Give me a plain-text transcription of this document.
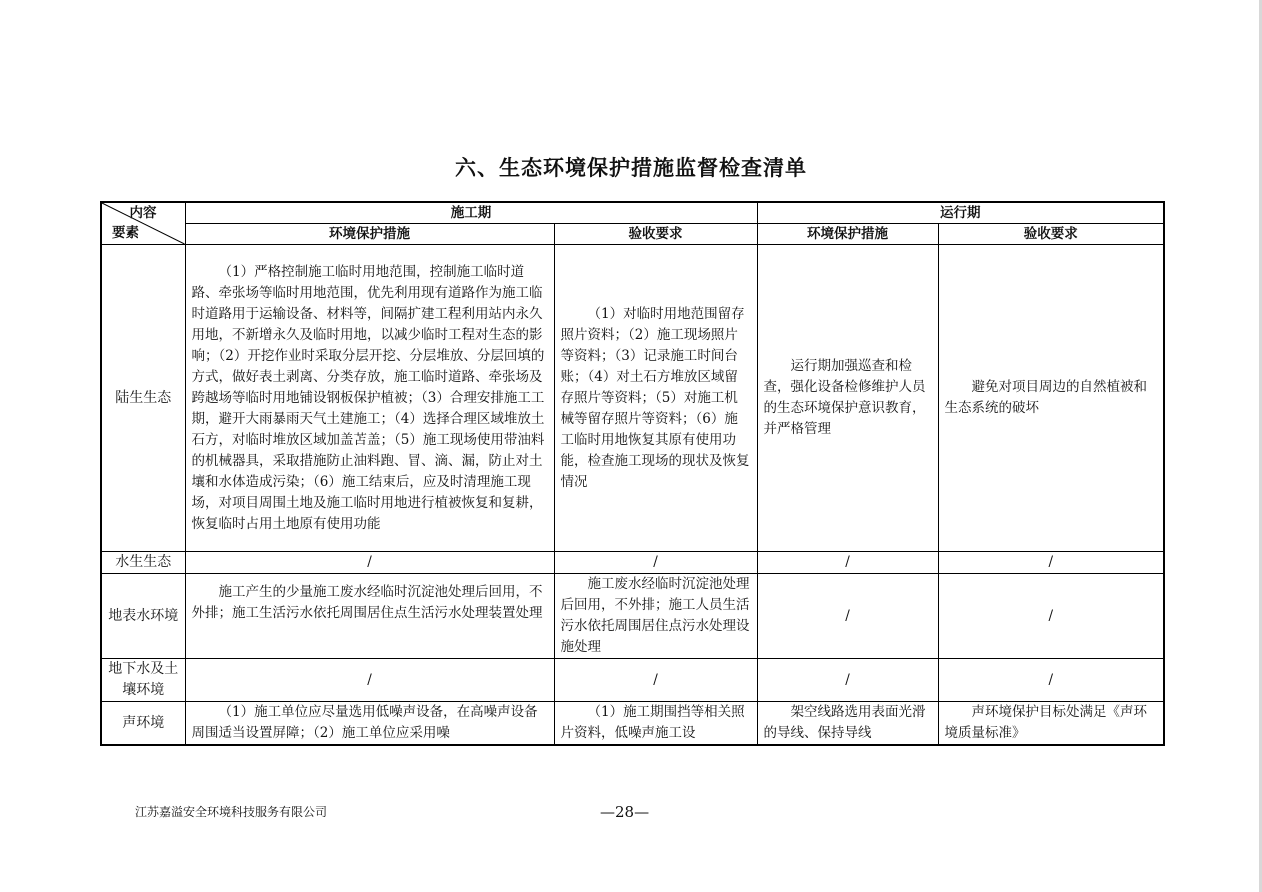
六、生态环境保护措施监督检查清单
内容
要素	施工期		运行期	
	环境保护措施	验收要求	环境保护措施	验收要求
陆生生态	（1）严格控制施工临时用地范围，控制施工临时道路、牵张场等临时用地范围，优先利用现有道路作为施工临时道路用于运输设备、材料等，间隔扩建工程利用站内永久用地，不新增永久及临时用地，以减少临时工程对生态的影响；（2）开挖作业时采取分层开挖、分层堆放、分层回填的方式，做好表土剥离、分类存放，施工临时道路、牵张场及跨越场等临时用地铺设钢板保护植被；（3）合理安排施工工期，避开大雨暴雨天气土建施工；（4）选择合理区域堆放土石方，对临时堆放区域加盖苫盖；（5）施工现场使用带油料的机械器具，采取措施防止油料跑、冒、滴、漏，防止对土壤和水体造成污染；（6）施工结束后，应及时清理施工现场，对项目周围土地及施工临时用地进行植被恢复和复耕，恢复临时占用土地原有使用功能	（1）对临时用地范围留存照片资料；（2）施工现场照片等资料；（3）记录施工时间台账；（4）对土石方堆放区域留存照片等资料；（5）对施工机械等留存照片等资料；（6）施工临时用地恢复其原有使用功能，检查施工现场的现状及恢复情况	运行期加强巡查和检查，强化设备检修维护人员的生态环境保护意识教育，并严格管理	避免对项目周边的自然植被和生态系统的破坏
水生生态	/	/	/	/
地表水环境	施工产生的少量施工废水经临时沉淀池处理后回用，不外排；施工生活污水依托周围居住点生活污水处理装置处理	施工废水经临时沉淀池处理后回用，不外排；施工人员生活污水依托周围居住点污水处理设施处理	/	/
地下水及土壤环境	/	/	/	/
声环境	（1）施工单位应尽量选用低噪声设备，在高噪声设备周围适当设置屏障；（2）施工单位应采用噪	（1）施工期围挡等相关照片资料，低噪声施工设	架空线路选用表面光滑的导线、保持导线	声环境保护目标处满足《声环境质量标准》
江苏嘉溢安全环境科技服务有限公司	—28—
